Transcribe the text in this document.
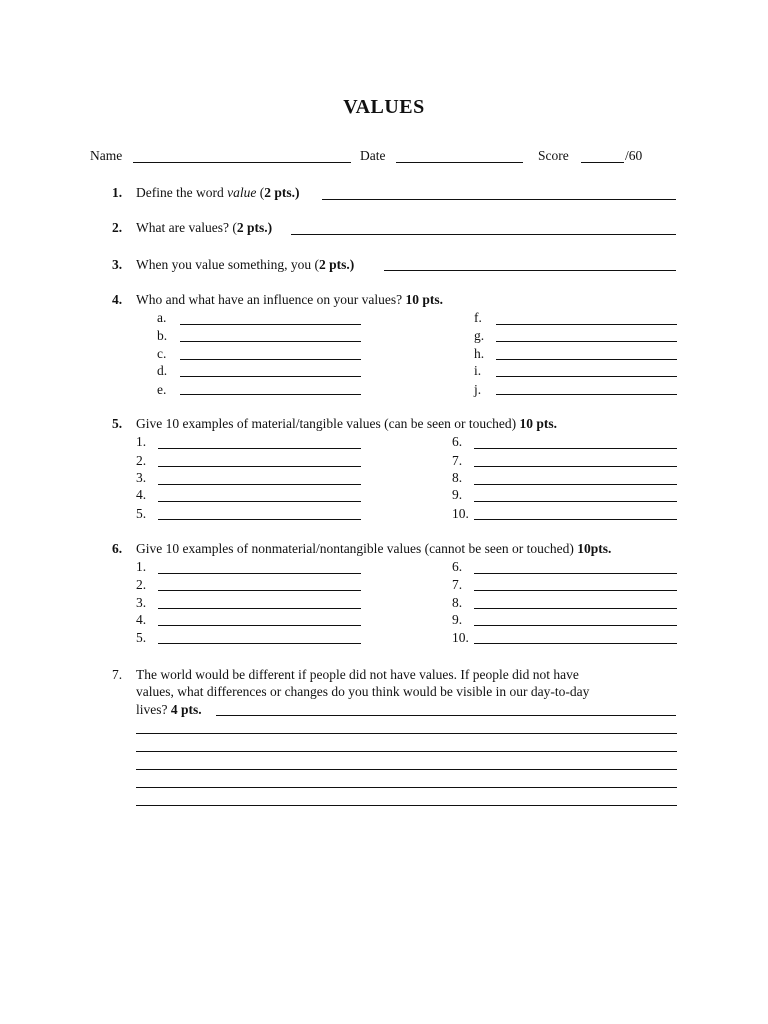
VALUES
Name	Date	Score	/60
1. Define the word value (2 pts.)
2. What are values? (2 pts.)
3. When you value something, you (2 pts.)
4. Who and what have an influence on your values? 10 pts.
a.
b.
c.
d.
e.
f.
g.
h.
i.
j.
5. Give 10 examples of material/tangible values (can be seen or touched) 10 pts.
1.
2.
3.
4.
5.
6.
7.
8.
9.
10.
6. Give 10 examples of nonmaterial/nontangible values (cannot be seen or touched) 10pts.
1.
2.
3.
4.
5.
6.
7.
8.
9.
10.
7. The world would be different if people did not have values. If people did not have
values, what differences or changes do you think would be visible in our day-to-day
lives? 4 pts.
